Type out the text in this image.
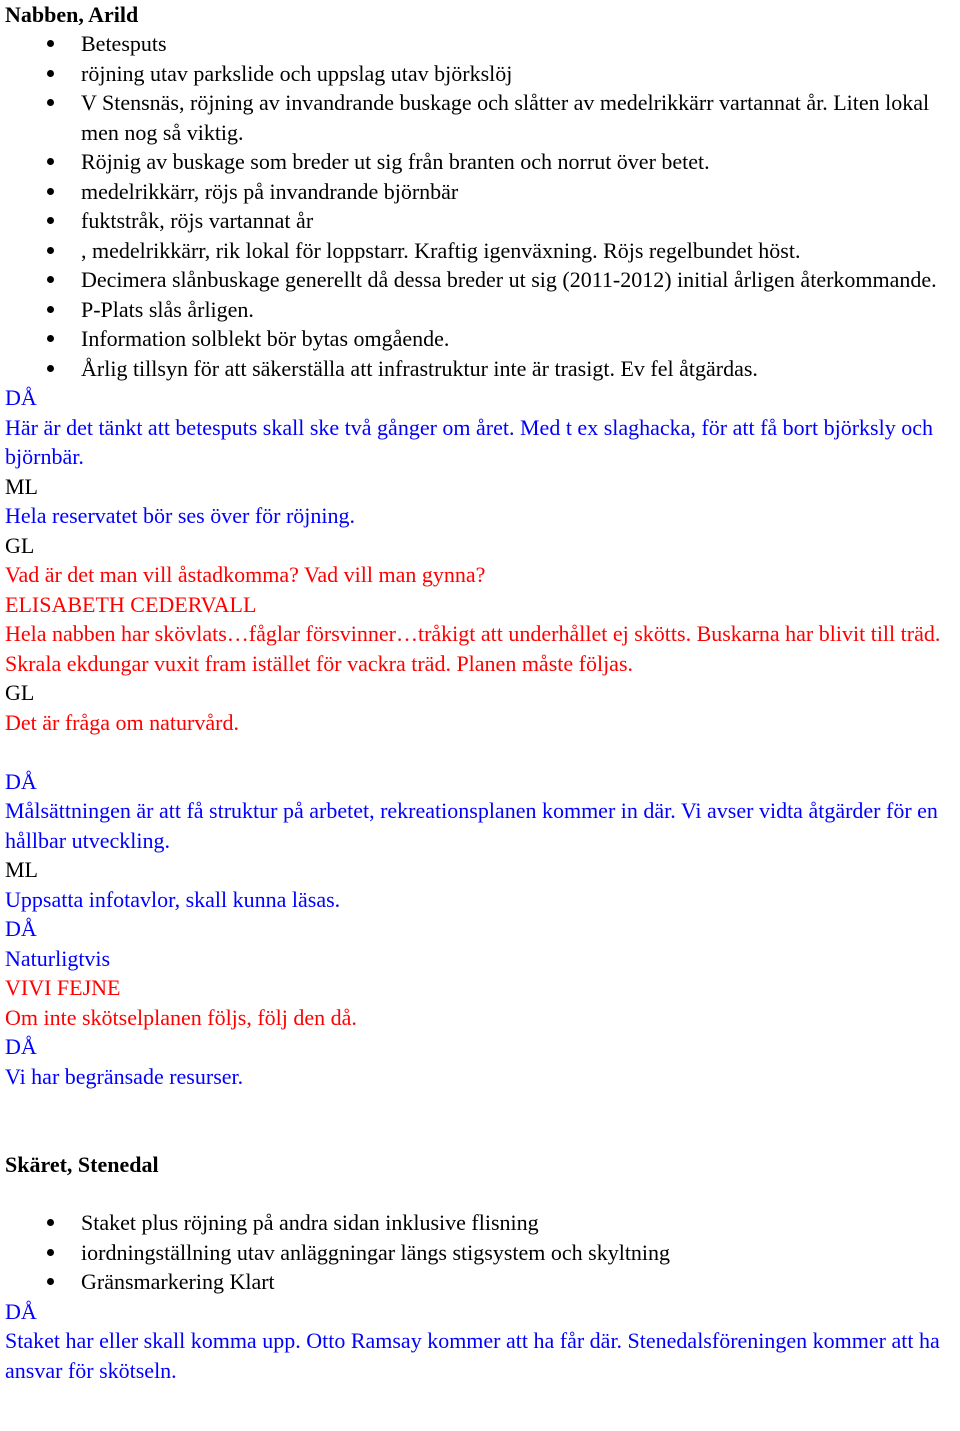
Nabben, Arild
Betesputs
röjning utav parkslide och uppslag utav björkslöj
V Stensnäs, röjning av invandrande buskage och slåtter av medelrikkärr vartannat år. Liten lokal men nog så viktig.
Röjnig av buskage som breder ut sig från branten och norrut över betet.
medelrikkärr, röjs på invandrande björnbär
fuktstråk, röjs vartannat år
, medelrikkärr, rik lokal för loppstarr. Kraftig igenväxning. Röjs regelbundet höst.
Decimera slånbuskage generellt då dessa breder ut sig (2011-2012) initial årligen återkommande.
P-Plats slås årligen.
Information solblekt bör bytas omgående.
Årlig tillsyn för att säkerställa att infrastruktur inte är trasigt. Ev fel åtgärdas.
DÅ
Här är det tänkt att betesputs skall ske två gånger om året. Med t ex slaghacka, för att få bort björksly och björnbär.
ML
Hela reservatet bör ses över för röjning.
GL
Vad är det man vill åstadkomma? Vad vill man gynna?
ELISABETH CEDERVALL
Hela nabben har skövlats…fåglar försvinner…tråkigt att underhållet ej skötts. Buskarna har blivit till träd. Skrala ekdungar vuxit fram istället för vackra träd. Planen måste följas.
GL
Det är fråga om naturvård.
DÅ
Målsättningen är att få struktur på arbetet, rekreationsplanen kommer in där. Vi avser vidta åtgärder för en hållbar utveckling.
ML
Uppsatta infotavlor, skall kunna läsas.
DÅ
Naturligtvis
VIVI FEJNE
Om inte skötselplanen följs, följ den då.
DÅ
Vi har begränsade resurser.
Skäret, Stenedal
Staket plus röjning på andra sidan inklusive flisning
iordningställning utav anläggningar längs stigsystem och skyltning
Gränsmarkering Klart
DÅ
Staket har eller skall komma upp. Otto Ramsay kommer att ha får där. Stenedalsföreningen kommer att ha ansvar för skötseln.
